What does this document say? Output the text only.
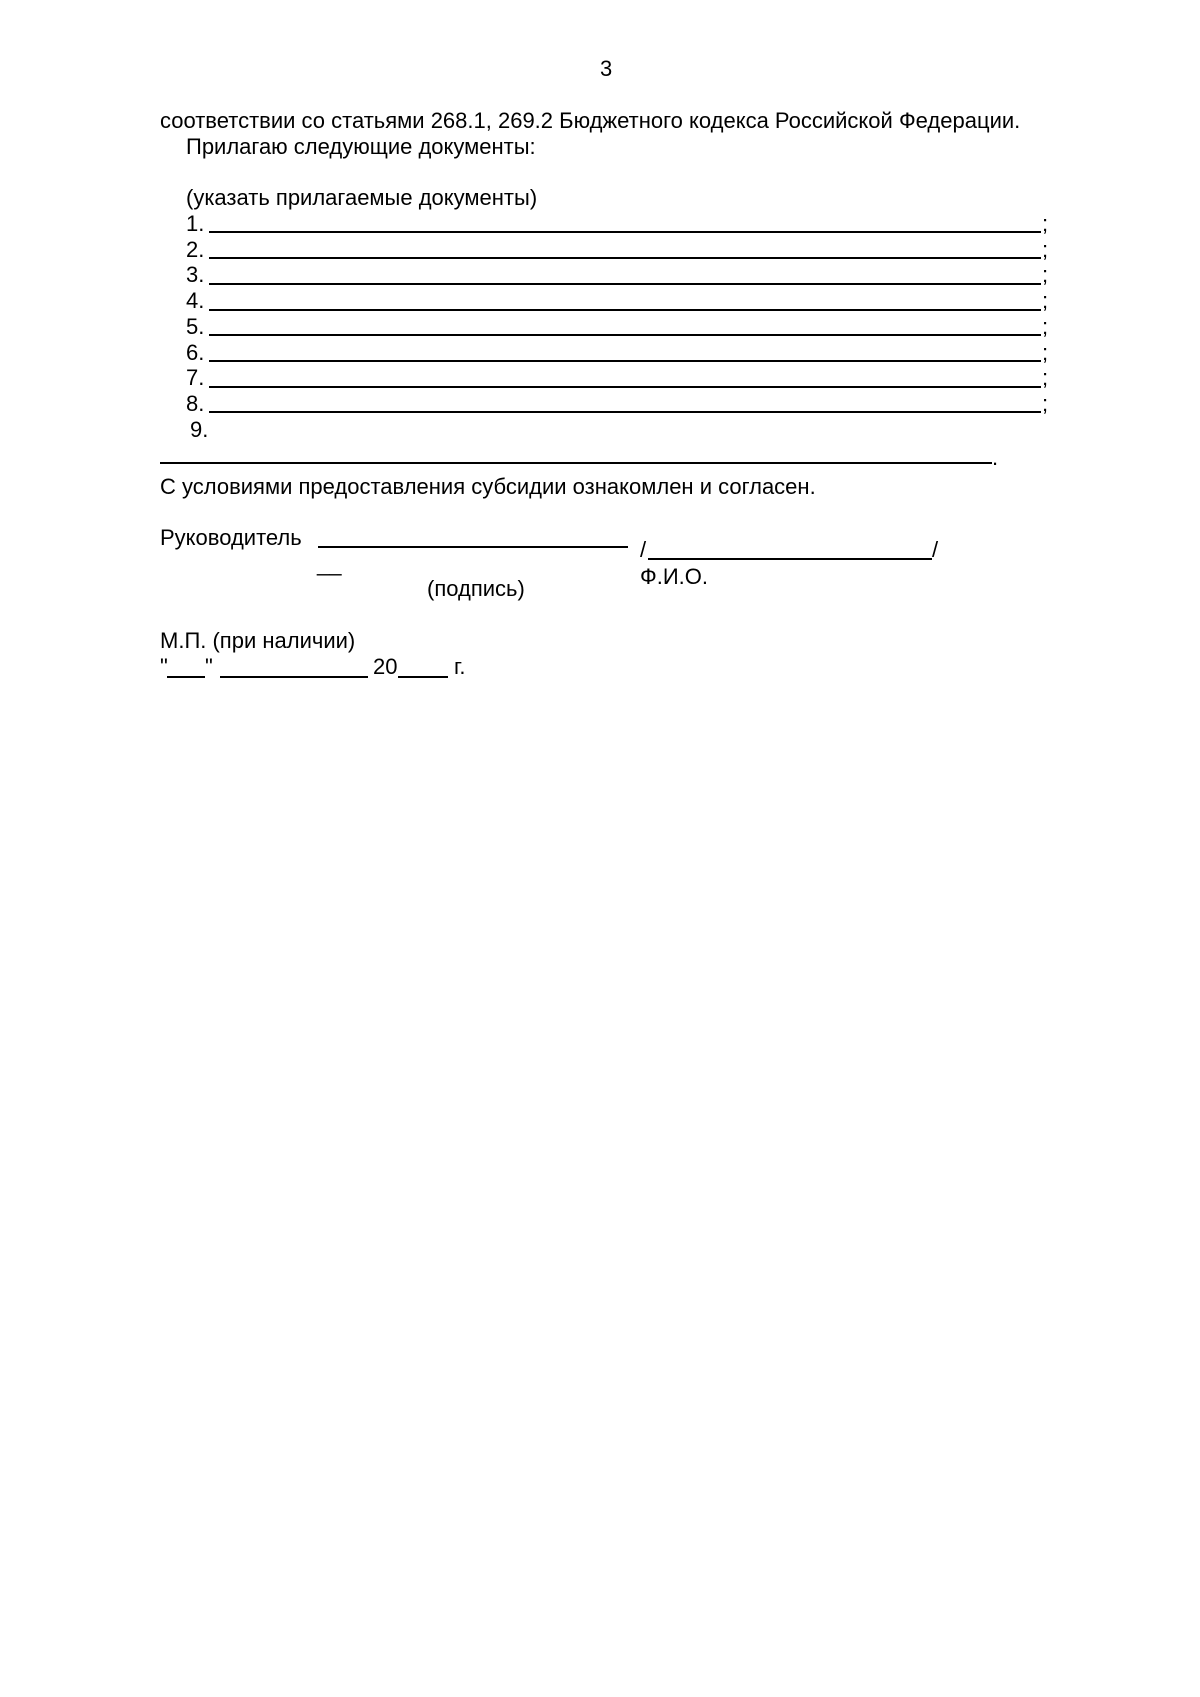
3
соответствии со статьями 268.1, 269.2 Бюджетного кодекса Российской Федерации.
Прилагаю следующие документы:
(указать прилагаемые документы)
1.	;
2.	;
3.	;
4.	;
5.	;
6.	;
7.	;
8.	;
9.
.
С условиями предоставления субсидии ознакомлен и согласен.
Руководитель	/	/
__
(подпись)	Ф.И.О.
М.П. (при наличии)
" "	20	г.
